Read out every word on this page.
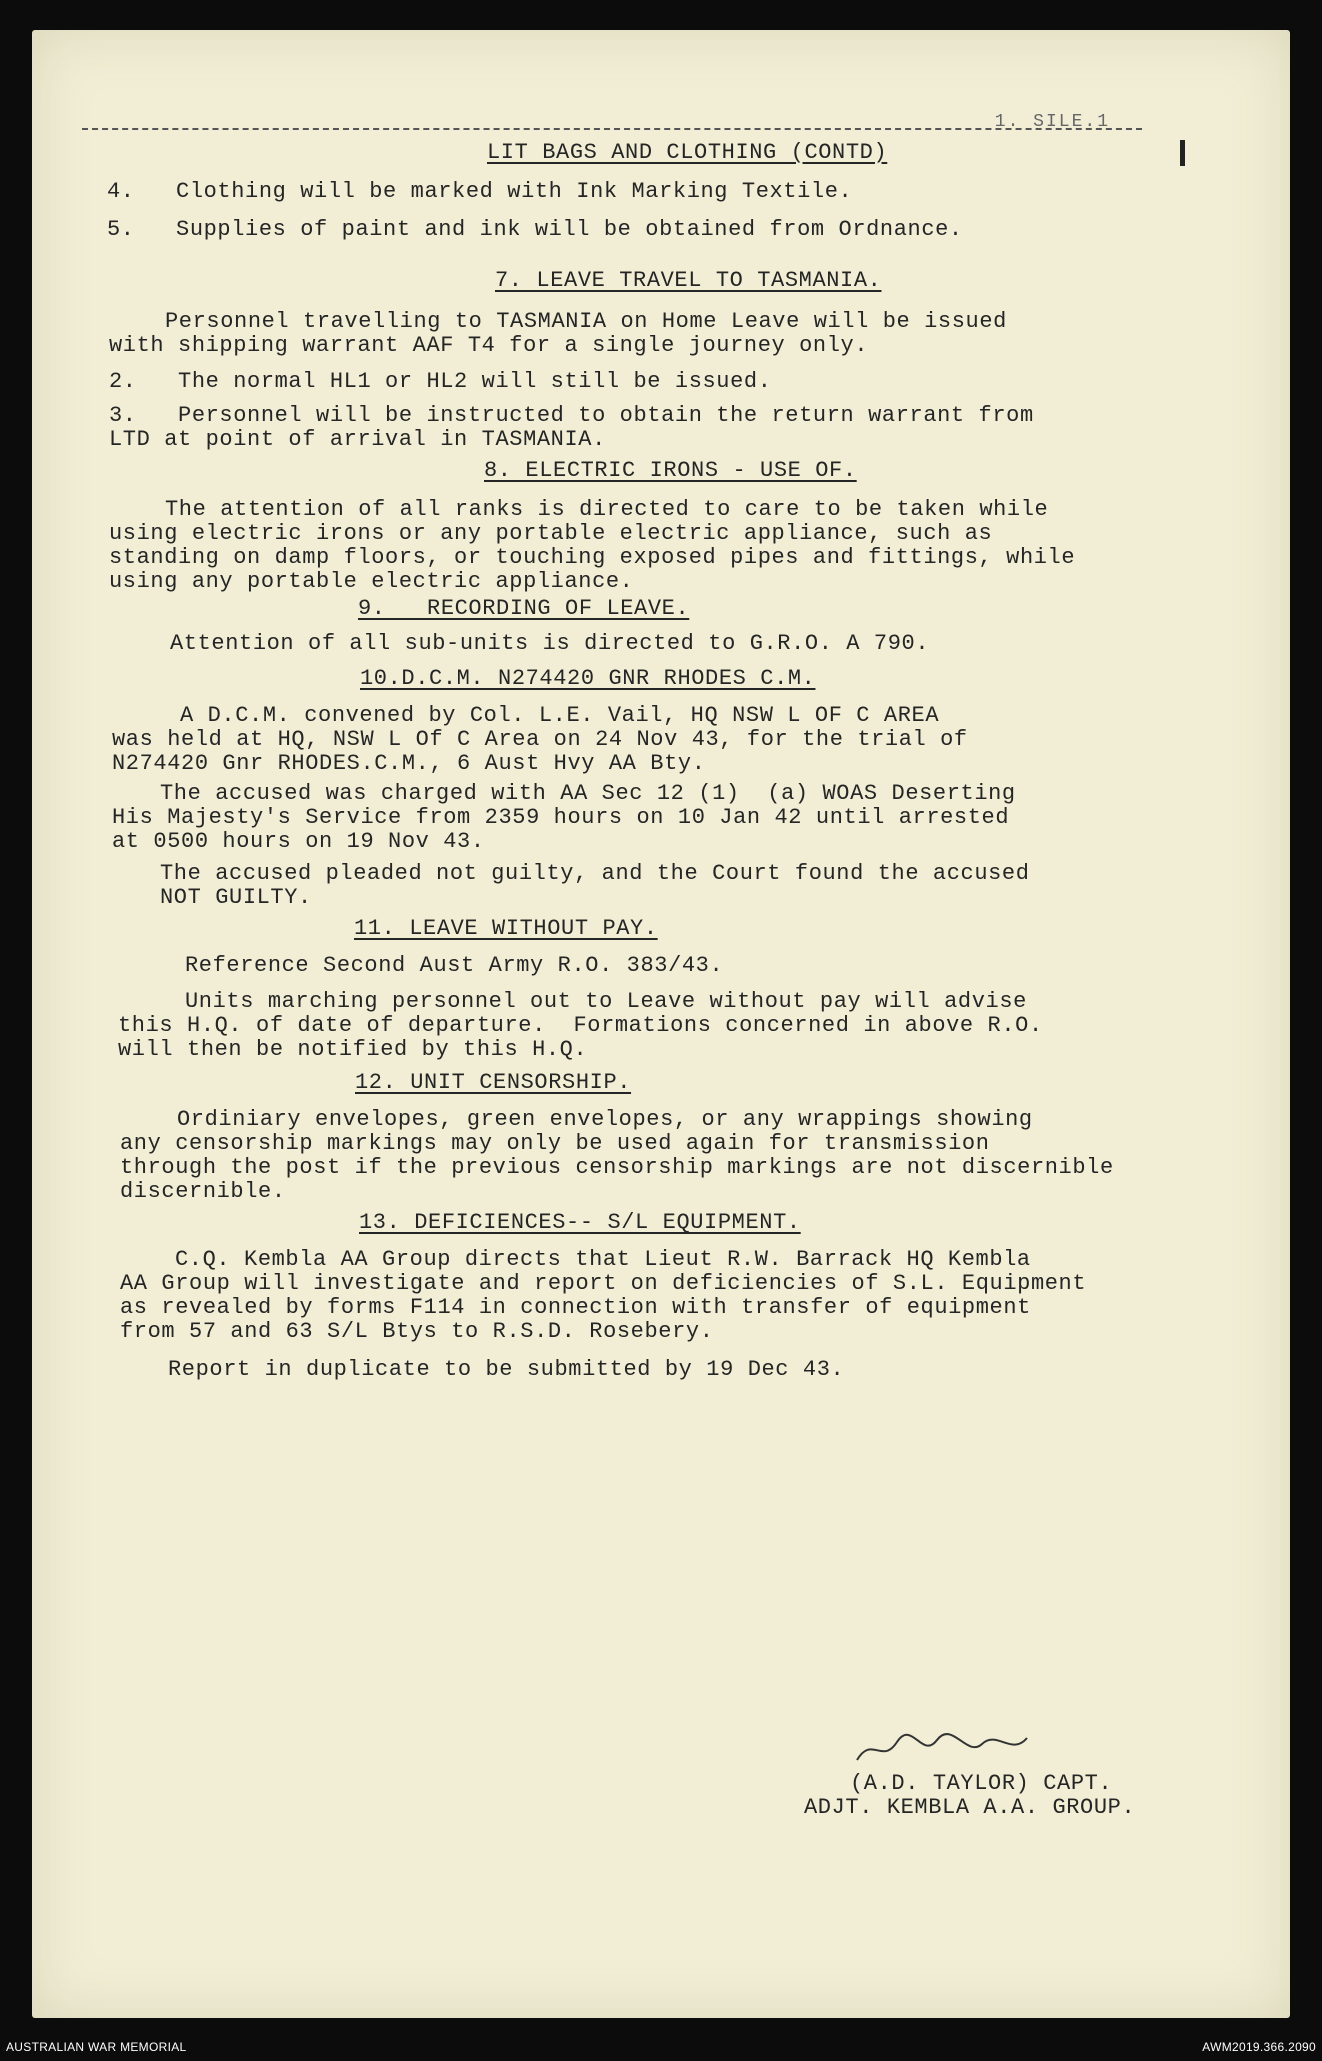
1. SILE.1
LIT BAGS AND CLOTHING (CONTD)
4.   Clothing will be marked with Ink Marking Textile.
5.   Supplies of paint and ink will be obtained from Ordnance.
7. LEAVE TRAVEL TO TASMANIA.
Personnel travelling to TASMANIA on Home Leave will be issued
with shipping warrant AAF T4 for a single journey only.
2.   The normal HL1 or HL2 will still be issued.
3.   Personnel will be instructed to obtain the return warrant from
LTD at point of arrival in TASMANIA.
8. ELECTRIC IRONS - USE OF.
The attention of all ranks is directed to care to be taken while
using electric irons or any portable electric appliance, such as
standing on damp floors, or touching exposed pipes and fittings, while
using any portable electric appliance.
9.   RECORDING OF LEAVE.
Attention of all sub-units is directed to G.R.O. A 790.
10.D.C.M. N274420 GNR RHODES C.M.
A D.C.M. convened by Col. L.E. Vail, HQ NSW L OF C AREA
was held at HQ, NSW L Of C Area on 24 Nov 43, for the trial of
N274420 Gnr RHODES.C.M., 6 Aust Hvy AA Bty.
The accused was charged with AA Sec 12 (1)  (a) WOAS Deserting
His Majesty's Service from 2359 hours on 10 Jan 42 until arrested
at 0500 hours on 19 Nov 43.
The accused pleaded not guilty, and the Court found the accused
NOT GUILTY.
11. LEAVE WITHOUT PAY.
Reference Second Aust Army R.O. 383/43.
Units marching personnel out to Leave without pay will advise
this H.Q. of date of departure.  Formations concerned in above R.O.
will then be notified by this H.Q.
12. UNIT CENSORSHIP.
Ordiniary envelopes, green envelopes, or any wrappings showing
any censorship markings may only be used again for transmission
through the post if the previous censorship markings are not discernible
discernible.
13. DEFICIENCES-- S/L EQUIPMENT.
C.Q. Kembla AA Group directs that Lieut R.W. Barrack HQ Kembla
AA Group will investigate and report on deficiencies of S.L. Equipment
as revealed by forms F114 in connection with transfer of equipment
from 57 and 63 S/L Btys to R.S.D. Rosebery.
Report in duplicate to be submitted by 19 Dec 43.
(A.D. TAYLOR) CAPT.
ADJT. KEMBLA A.A. GROUP.
AUSTRALIAN WAR MEMORIAL	AWM2019.366.2090
